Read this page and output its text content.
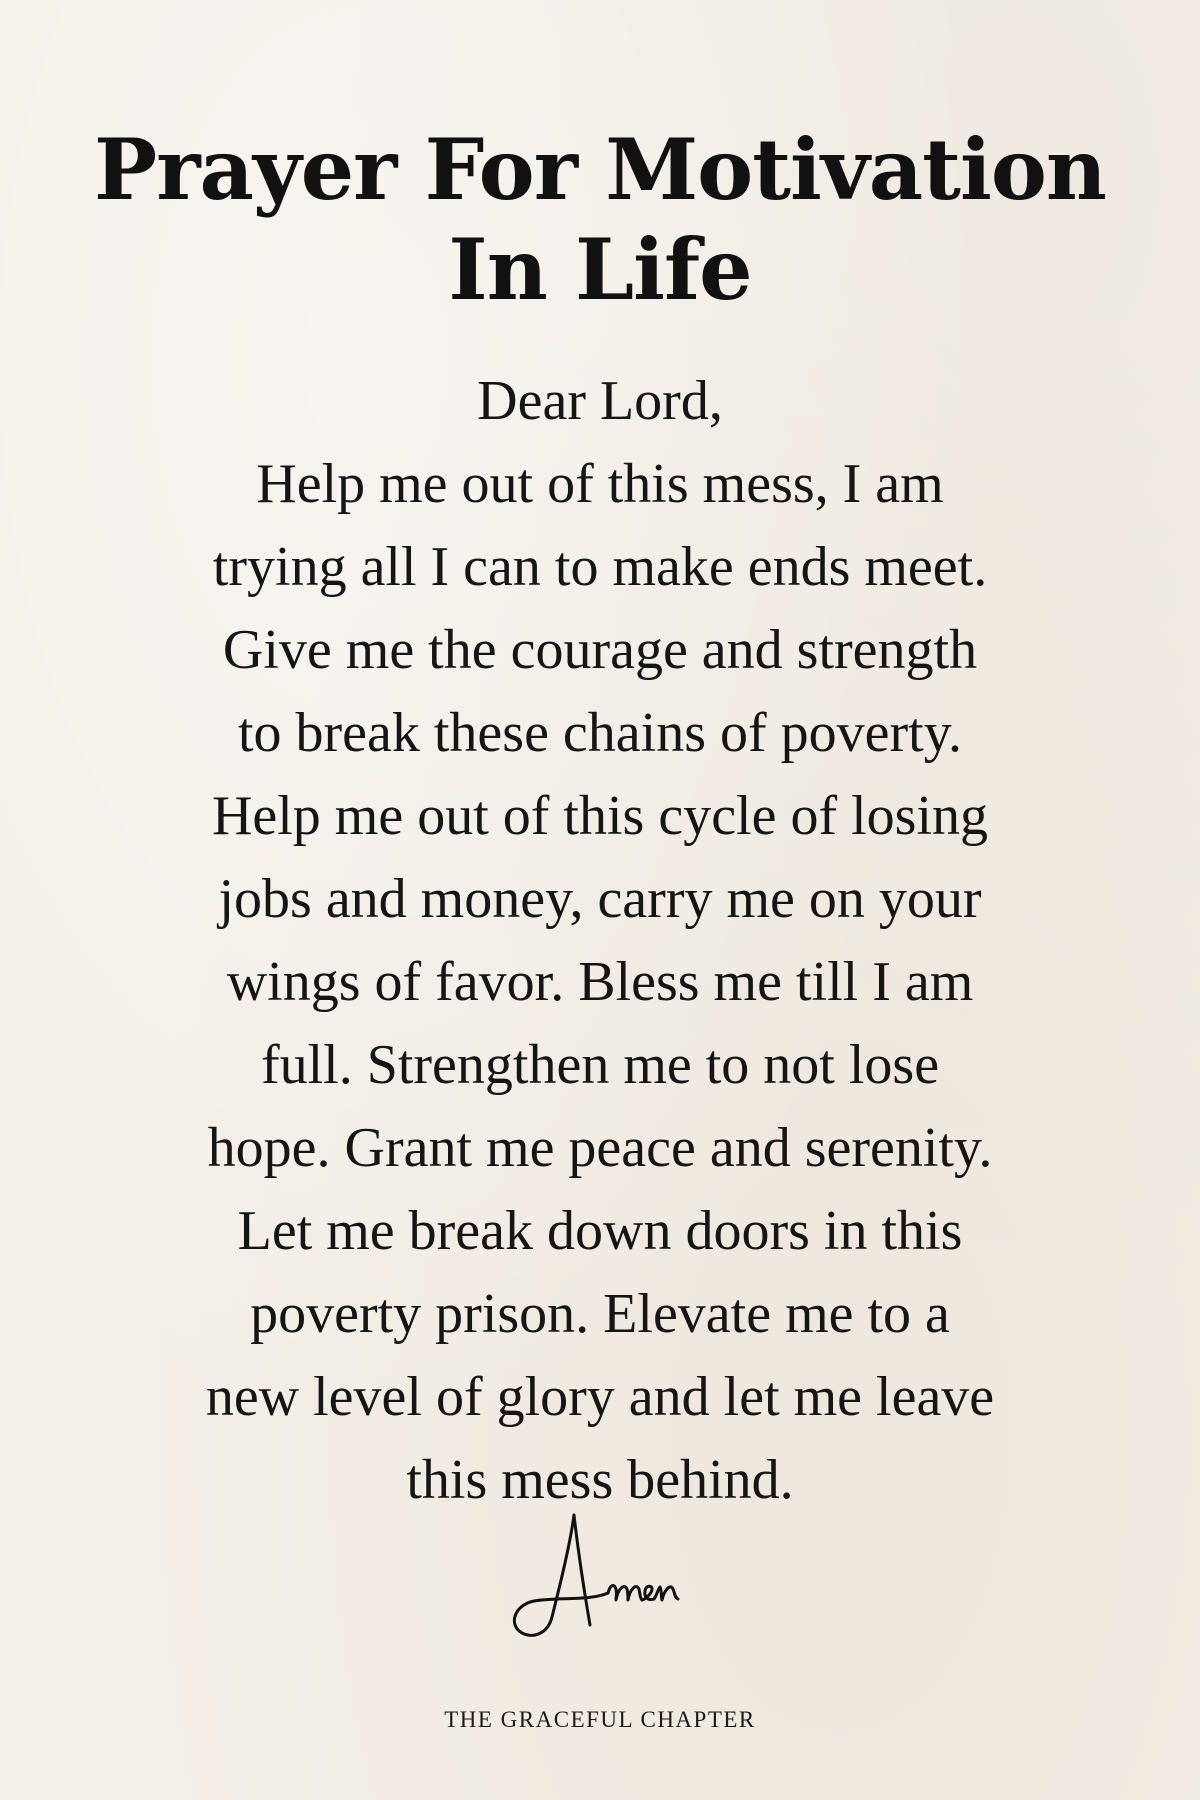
Prayer For Motivation
In Life
Dear Lord,
Help me out of this mess, I am
trying all I can to make ends meet.
Give me the courage and strength
to break these chains of poverty.
Help me out of this cycle of losing
jobs and money, carry me on your
wings of favor. Bless me till I am
full. Strengthen me to not lose
hope. Grant me peace and serenity.
Let me break down doors in this
poverty prison. Elevate me to a
new level of glory and let me leave
this mess behind.
THE GRACEFUL CHAPTER
